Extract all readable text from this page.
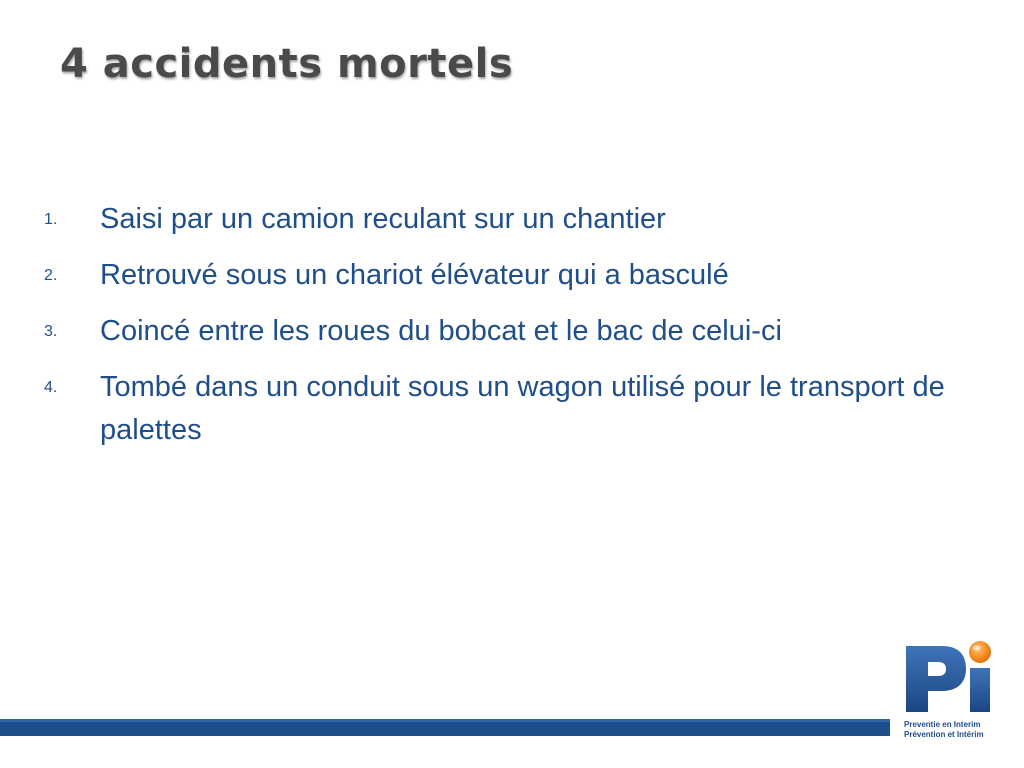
4 accidents mortels
1.	Saisi par un camion reculant sur un chantier
2.	Retrouvé sous un chariot élévateur qui a basculé
3.	Coincé entre les roues du bobcat et le bac de celui-ci
4.	Tombé dans un conduit sous un wagon utilisé pour le transport de  palettes
Preventie en Interim
Prévention et Intérim
